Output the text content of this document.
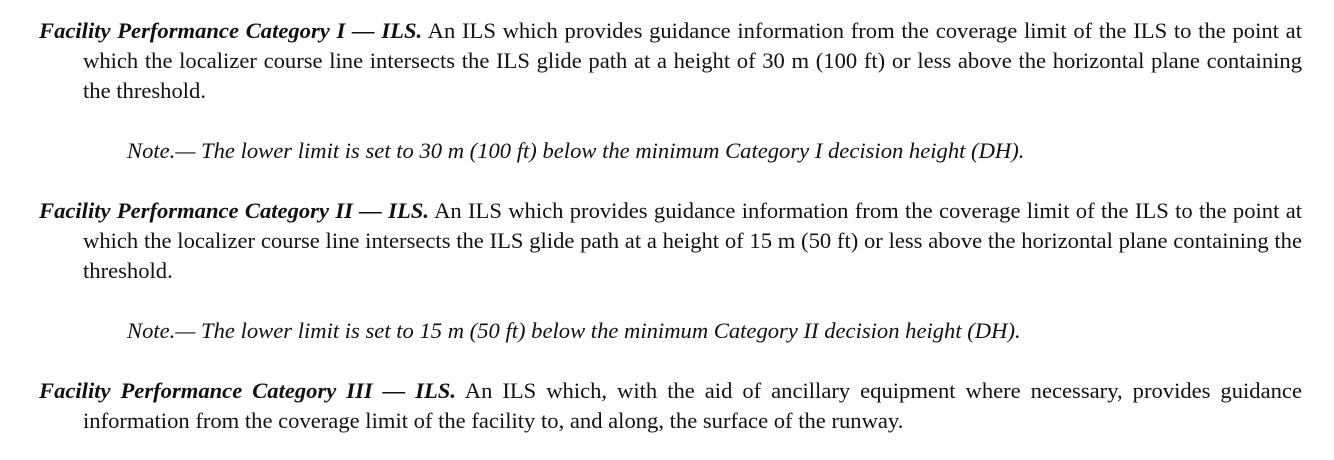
Facility Performance Category I — ILS. An ILS which provides guidance information from the coverage limit of the ILS to the point at which the localizer course line intersects the ILS glide path at a height of 30 m (100 ft) or less above the horizontal plane containing the threshold.

Note.— The lower limit is set to 30 m (100 ft) below the minimum Category I decision height (DH).

Facility Performance Category II — ILS. An ILS which provides guidance information from the coverage limit of the ILS to the point at which the localizer course line intersects the ILS glide path at a height of 15 m (50 ft) or less above the horizontal plane containing the threshold.

Note.— The lower limit is set to 15 m (50 ft) below the minimum Category II decision height (DH).

Facility Performance Category III — ILS. An ILS which, with the aid of ancillary equipment where necessary, provides guidance information from the coverage limit of the facility to, and along, the surface of the runway.
